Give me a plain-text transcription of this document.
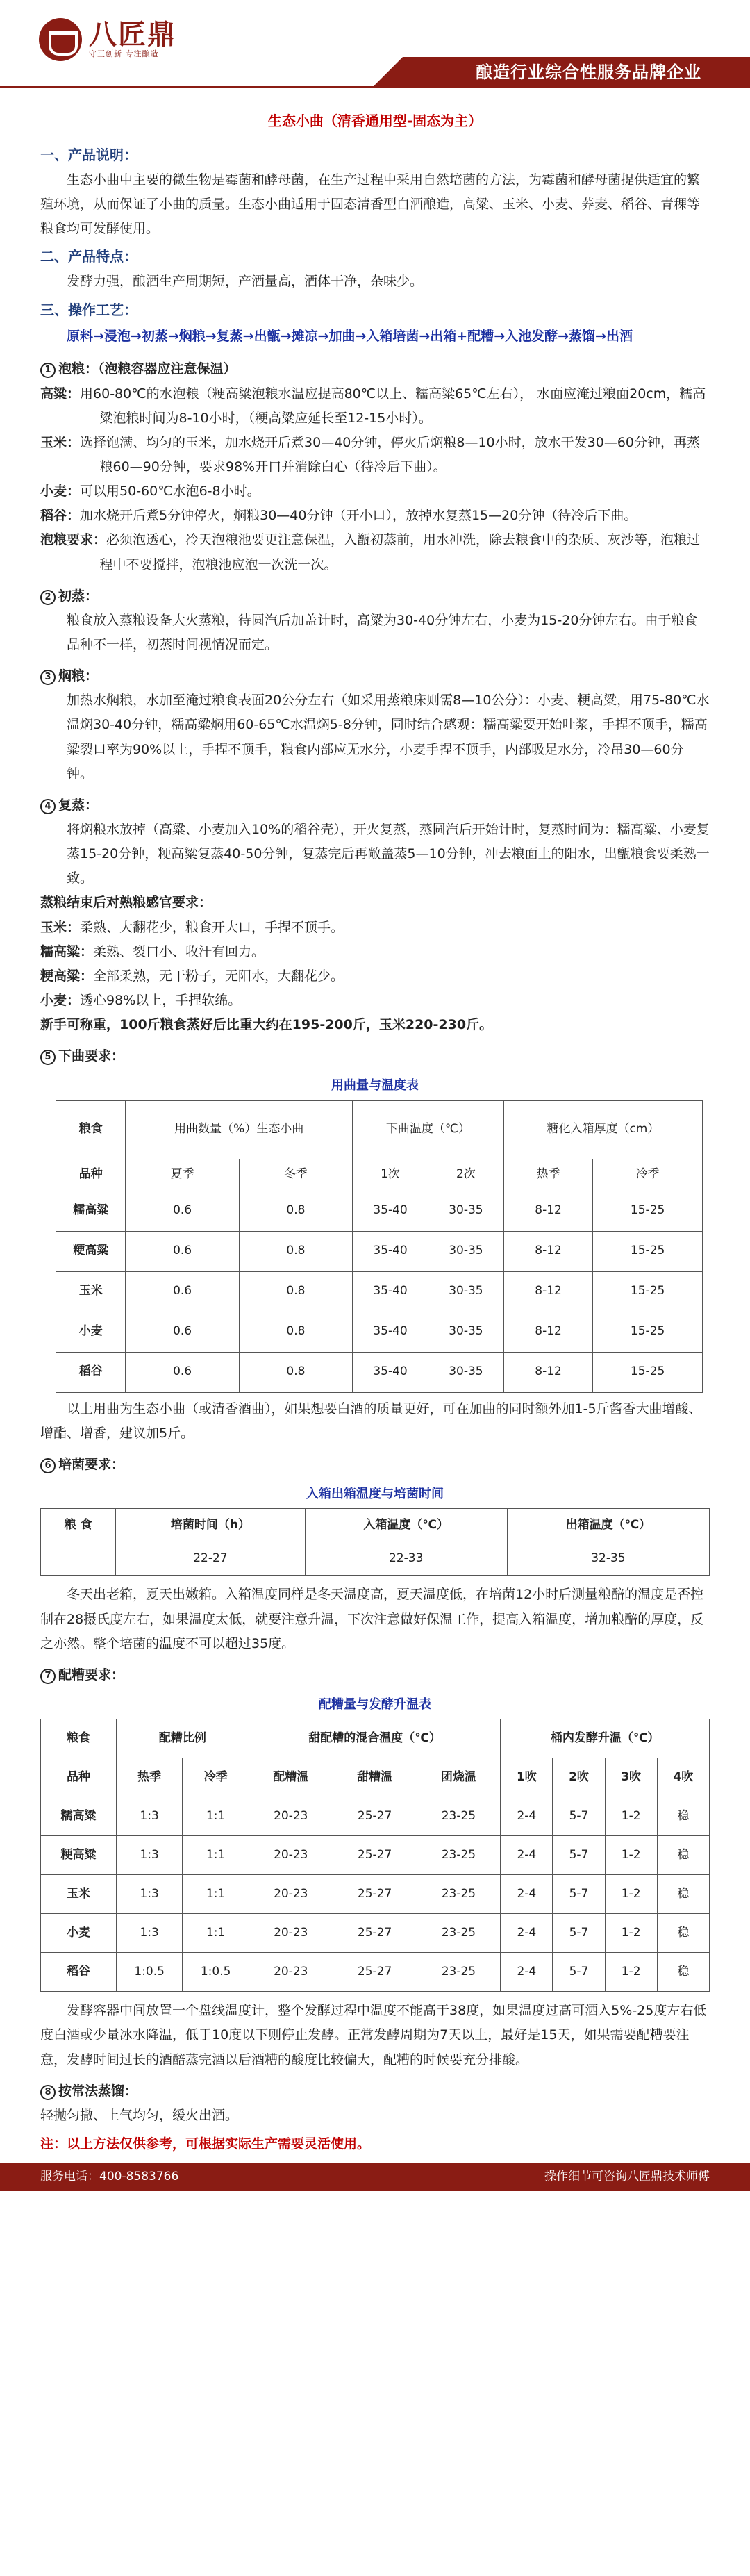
八匠鼎
守正创新 专注酿造
酿造行业综合性服务品牌企业
生态小曲（清香通用型-固态为主）
一、产品说明：

生态小曲中主要的微生物是霉菌和酵母菌，在生产过程中采用自然培菌的方法，为霉菌和酵母菌提供适宜的繁殖环境，从而保证了小曲的质量。生态小曲适用于固态清香型白酒酿造，高粱、玉米、小麦、荞麦、稻谷、青稞等粮食均可发酵使用。

二、产品特点：

发酵力强，酿酒生产周期短，产酒量高，酒体干净，杂味少。

三、操作工艺：

原料→浸泡→初蒸→焖粮→复蒸→出甑→摊凉→加曲→入箱培菌→出箱+配糟→入池发酵→蒸馏→出酒

1 泡粮：（泡粮容器应注意保温）

高粱：用60-80℃的水泡粮（粳高粱泡粮水温应提高80℃以上、糯高粱65℃左右）， 水面应淹过粮面20cm，糯高粱泡粮时间为8-10小时，（粳高粱应延长至12-15小时）。

玉米：选择饱满、均匀的玉米，加水烧开后煮30—40分钟，停火后焖粮8—10小时，放水干发30—60分钟，再蒸粮60—90分钟，要求98%开口并消除白心（待冷后下曲）。

小麦：可以用50-60℃水泡6-8小时。

稻谷：加水烧开后煮5分钟停火，焖粮30—40分钟（开小口），放掉水复蒸15—20分钟（待冷后下曲。

泡粮要求：必须泡透心，冷天泡粮池要更注意保温，入甑初蒸前，用水冲洗，除去粮食中的杂质、灰沙等，泡粮过程中不要搅拌，泡粮池应泡一次洗一次。

2 初蒸：

粮食放入蒸粮设备大火蒸粮，待圆汽后加盖计时，高粱为30-40分钟左右，小麦为15-20分钟左右。由于粮食品种不一样，初蒸时间视情况而定。

3 焖粮：

加热水焖粮，水加至淹过粮食表面20公分左右（如采用蒸粮床则需8—10公分）：小麦、粳高粱，用75-80℃水温焖30-40分钟，糯高粱焖用60-65℃水温焖5-8分钟，同时结合感观：糯高粱要开始吐浆，手捏不顶手，糯高粱裂口率为90%以上，手捏不顶手，粮食内部应无水分，小麦手捏不顶手，内部吸足水分，冷吊30—60分钟。

4 复蒸：

将焖粮水放掉（高粱、小麦加入10%的稻谷壳），开火复蒸，蒸圆汽后开始计时，复蒸时间为：糯高粱、小麦复蒸15-20分钟，粳高粱复蒸40-50分钟，复蒸完后再敞盖蒸5—10分钟，冲去粮面上的阳水，出甑粮食要柔熟一致。

蒸粮结束后对熟粮感官要求：

玉米：柔熟、大翻花少，粮食开大口，手捏不顶手。

糯高粱：柔熟、裂口小、收汗有回力。

粳高粱：全部柔熟，无干粉子，无阳水，大翻花少。

小麦：透心98%以上，手捏软绵。

新手可称重，100斤粮食蒸好后比重大约在195-200斤，玉米220-230斤。

5 下曲要求：
用曲量与温度表
粮食	用曲数量（%）生态小曲		下曲温度（℃）		糖化入箱厚度（cm）	
品种	夏季	冬季	1次	2次	热季	冷季
糯高粱	0.6	0.8	35-40	30-35	8-12	15-25
粳高粱	0.6	0.8	35-40	30-35	8-12	15-25
玉米	0.6	0.8	35-40	30-35	8-12	15-25
小麦	0.6	0.8	35-40	30-35	8-12	15-25
稻谷	0.6	0.8	35-40	30-35	8-12	15-25

以上用曲为生态小曲（或清香酒曲），如果想要白酒的质量更好，可在加曲的同时额外加1-5斤酱香大曲增酸、增酯、增香，建议加5斤。

6 培菌要求：
入箱出箱温度与培菌时间
粮 食	培菌时间（h）	入箱温度（℃）	出箱温度（℃）
	22-27	22-33	32-35

冬天出老箱，夏天出嫩箱。入箱温度同样是冬天温度高，夏天温度低，在培菌12小时后测量粮醅的温度是否控制在28摄氏度左右，如果温度太低，就要注意升温，下次注意做好保温工作，提高入箱温度，增加粮醅的厚度，反之亦然。整个培菌的温度不可以超过35度。

7 配糟要求：
配糟量与发酵升温表
粮食	配糟比例		甜配糟的混合温度（℃）			桶内发酵升温（℃）			
品种	热季	冷季	配糟温	甜糟温	团烧温	1吹	2吹	3吹	4吹
糯高粱	1:3	1:1	20-23	25-27	23-25	2-4	5-7	1-2	稳
粳高粱	1:3	1:1	20-23	25-27	23-25	2-4	5-7	1-2	稳
玉米	1:3	1:1	20-23	25-27	23-25	2-4	5-7	1-2	稳
小麦	1:3	1:1	20-23	25-27	23-25	2-4	5-7	1-2	稳
稻谷	1:0.5	1:0.5	20-23	25-27	23-25	2-4	5-7	1-2	稳

发酵容器中间放置一个盘线温度计，整个发酵过程中温度不能高于38度，如果温度过高可洒入5%-25度左右低度白酒或少量冰水降温，低于10度以下则停止发酵。正常发酵周期为7天以上，最好是15天，如果需要配糟要注意，发酵时间过长的酒醅蒸完酒以后酒糟的酸度比较偏大，配糟的时候要充分排酸。

8 按常法蒸馏：

轻抛匀撒、上气均匀，缓火出酒。

注：以上方法仅供参考，可根据实际生产需要灵活使用。

服务电话：400-8583766	操作细节可咨询八匠鼎技术师傅
